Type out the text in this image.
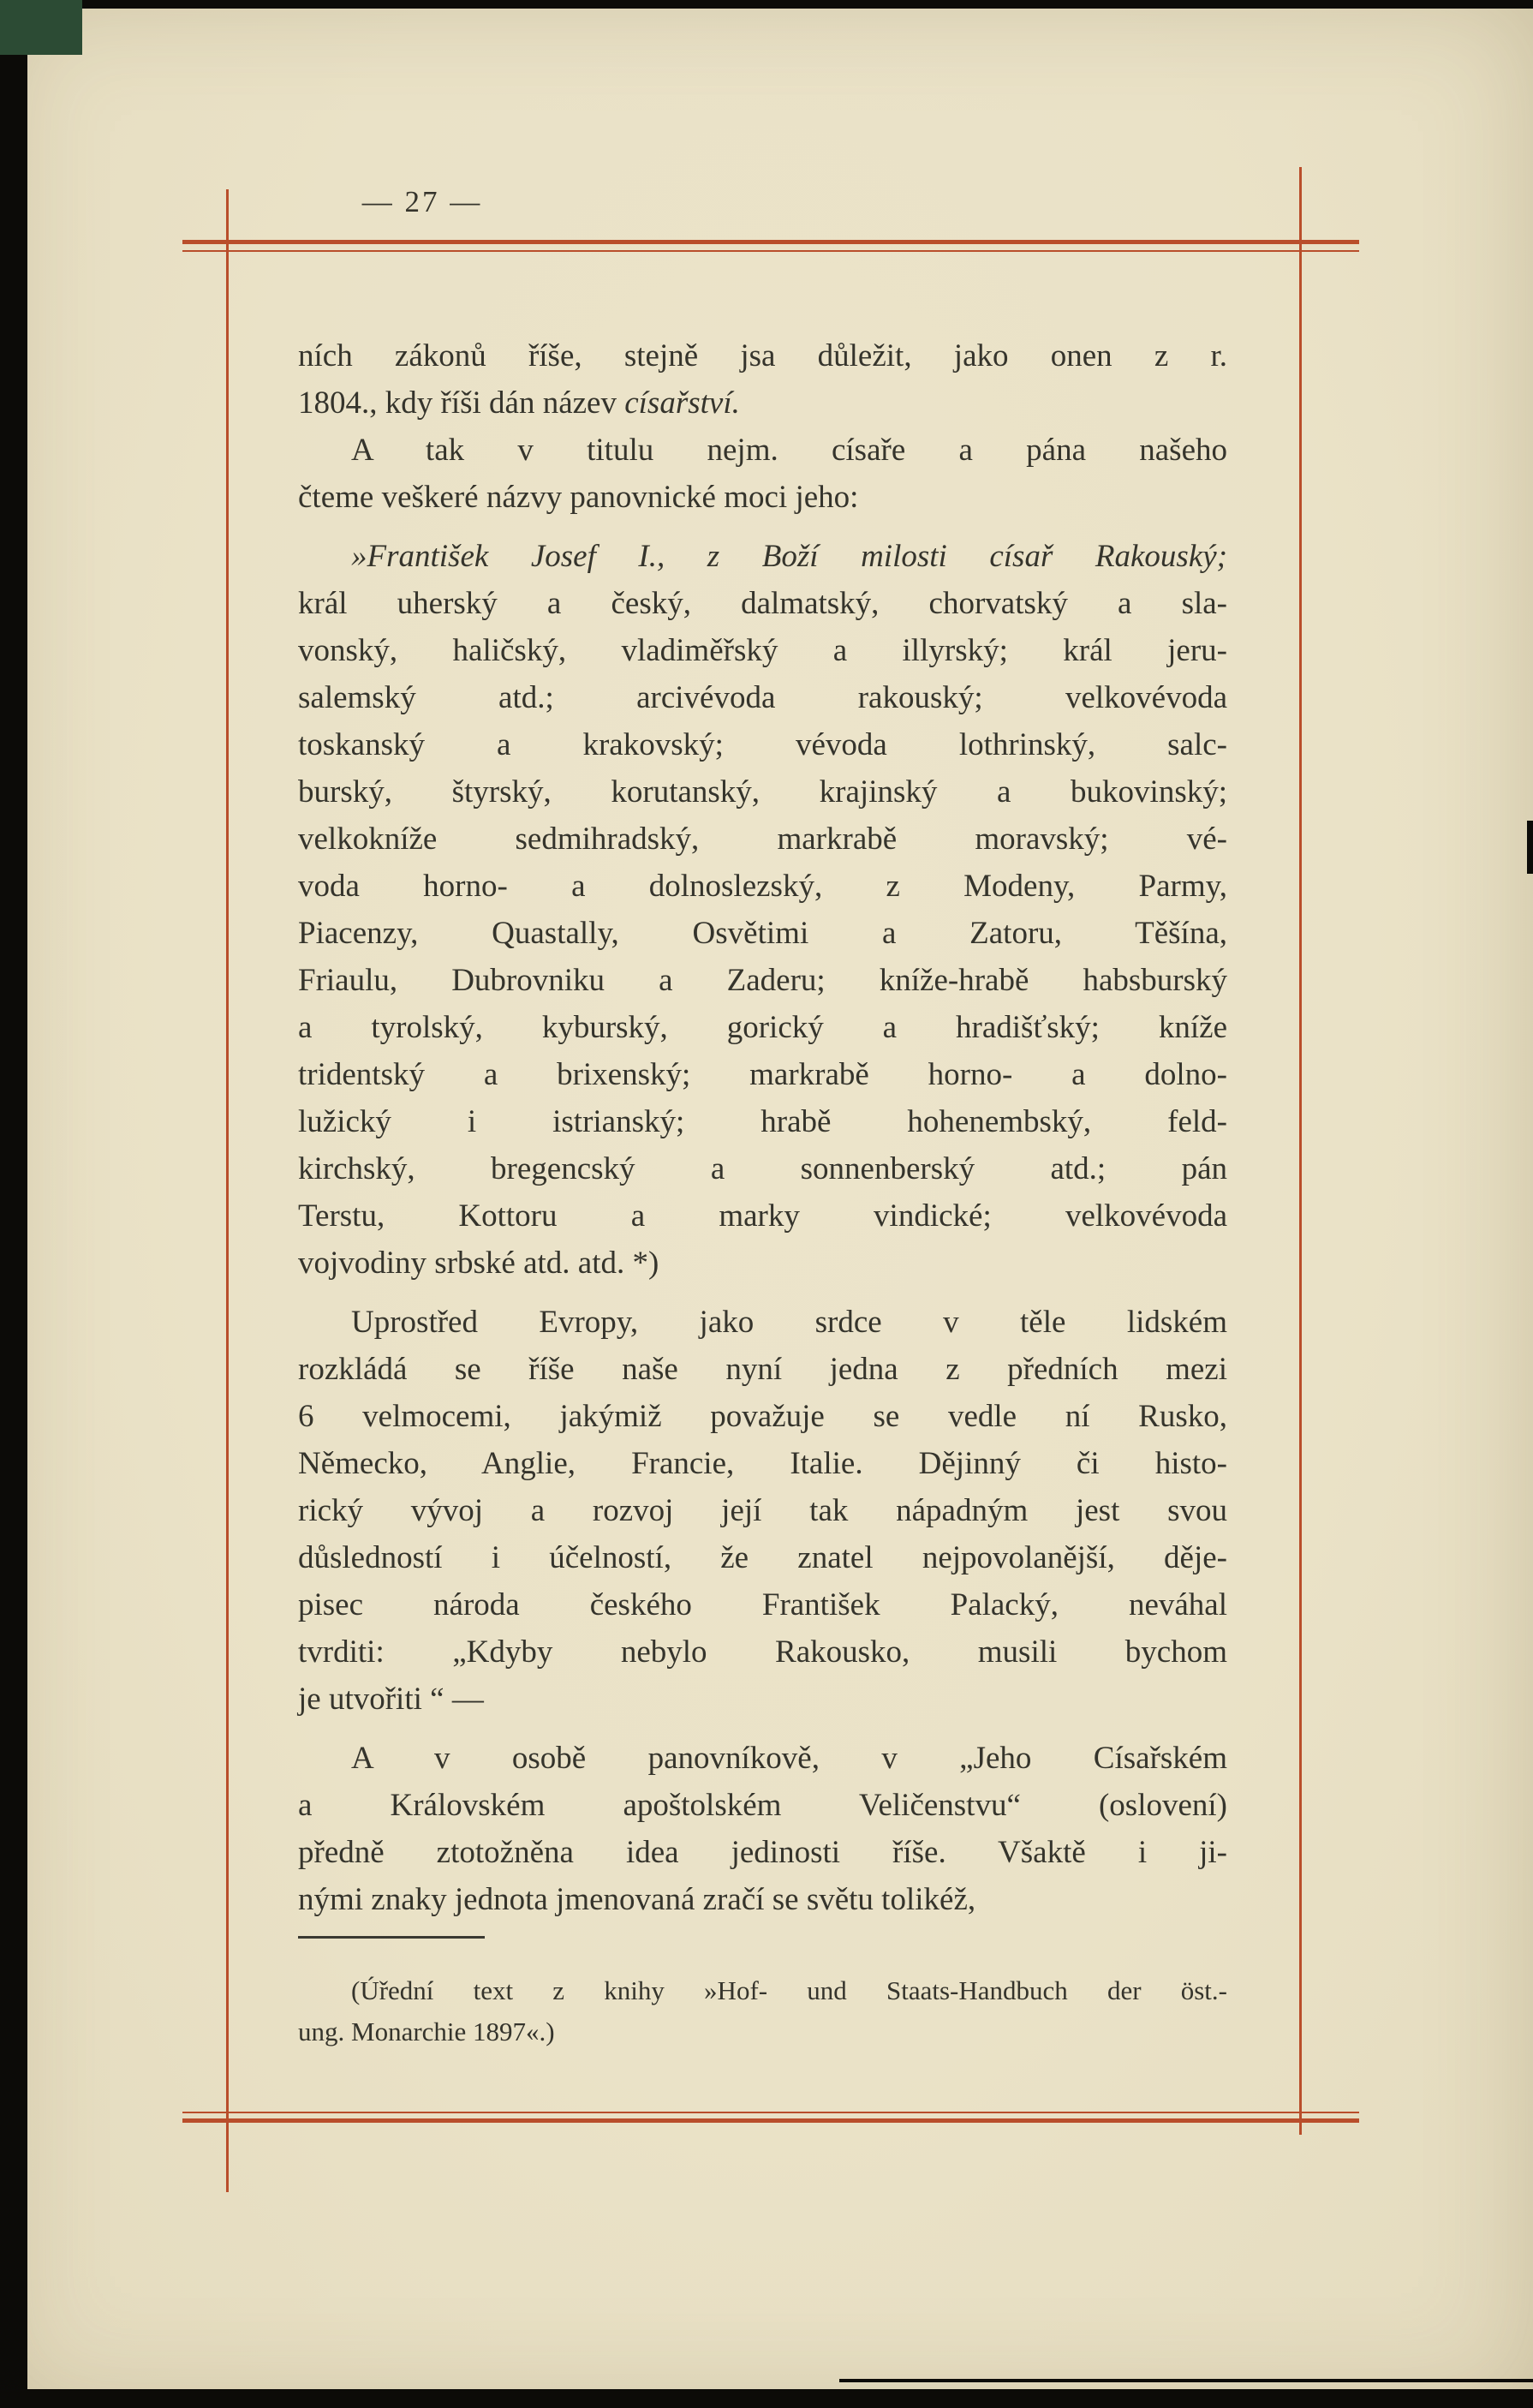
— 27 —
ních zákonů říše, stejně jsa důležit, jako onen z r.
1804., kdy říši dán název císařství.
A tak v titulu nejm. císaře a pána našeho
čteme veškeré názvy panovnické moci jeho:
»František Josef I., z Boží milosti císař Rakouský;
král uherský a český, dalmatský, chorvatský a sla-
vonský, haličský, vladiměřský a illyrský; král jeru-
salemský atd.; arcivévoda rakouský; velkovévoda
toskanský a krakovský; vévoda lothrinský, salc-
burský, štyrský, korutanský, krajinský a bukovinský;
velkokníže sedmihradský, markrabě moravský; vé-
voda horno- a dolnoslezský, z Modeny, Parmy,
Piacenzy, Quastally, Osvětimi a Zatoru, Těšína,
Friaulu, Dubrovniku a Zaderu; kníže-hrabě habsburský
a tyrolský, kyburský, gorický a hradišťský; kníže
tridentský a brixenský; markrabě horno- a dolno-
lužický i istrianský; hrabě hohenembský, feld-
kirchský, bregencský a sonnenberský atd.; pán
Terstu, Kottoru a marky vindické; velkovévoda
vojvodiny srbské atd. atd. *)
Uprostřed Evropy, jako srdce v těle lidském
rozkládá se říše naše nyní jedna z předních mezi
6 velmocemi, jakýmiž považuje se vedle ní Rusko,
Německo, Anglie, Francie, Italie. Dějinný či histo-
rický vývoj a rozvoj její tak nápadným jest svou
důsledností i účelností, že znatel nejpovolanější, děje-
pisec národa českého František Palacký, neváhal
tvrditi: „Kdyby nebylo Rakousko, musili bychom
je utvořiti “ —
A v osobě panovníkově, v „Jeho Císařském
a Královském apoštolském Veličenstvu“ (oslovení)
předně ztotožněna idea jedinosti říše. Všaktě i ji-
nými znaky jednota jmenovaná zračí se světu tolikéž,
(Úřední text z knihy »Hof- und Staats-Handbuch der öst.-
ung. Monarchie 1897«.)
